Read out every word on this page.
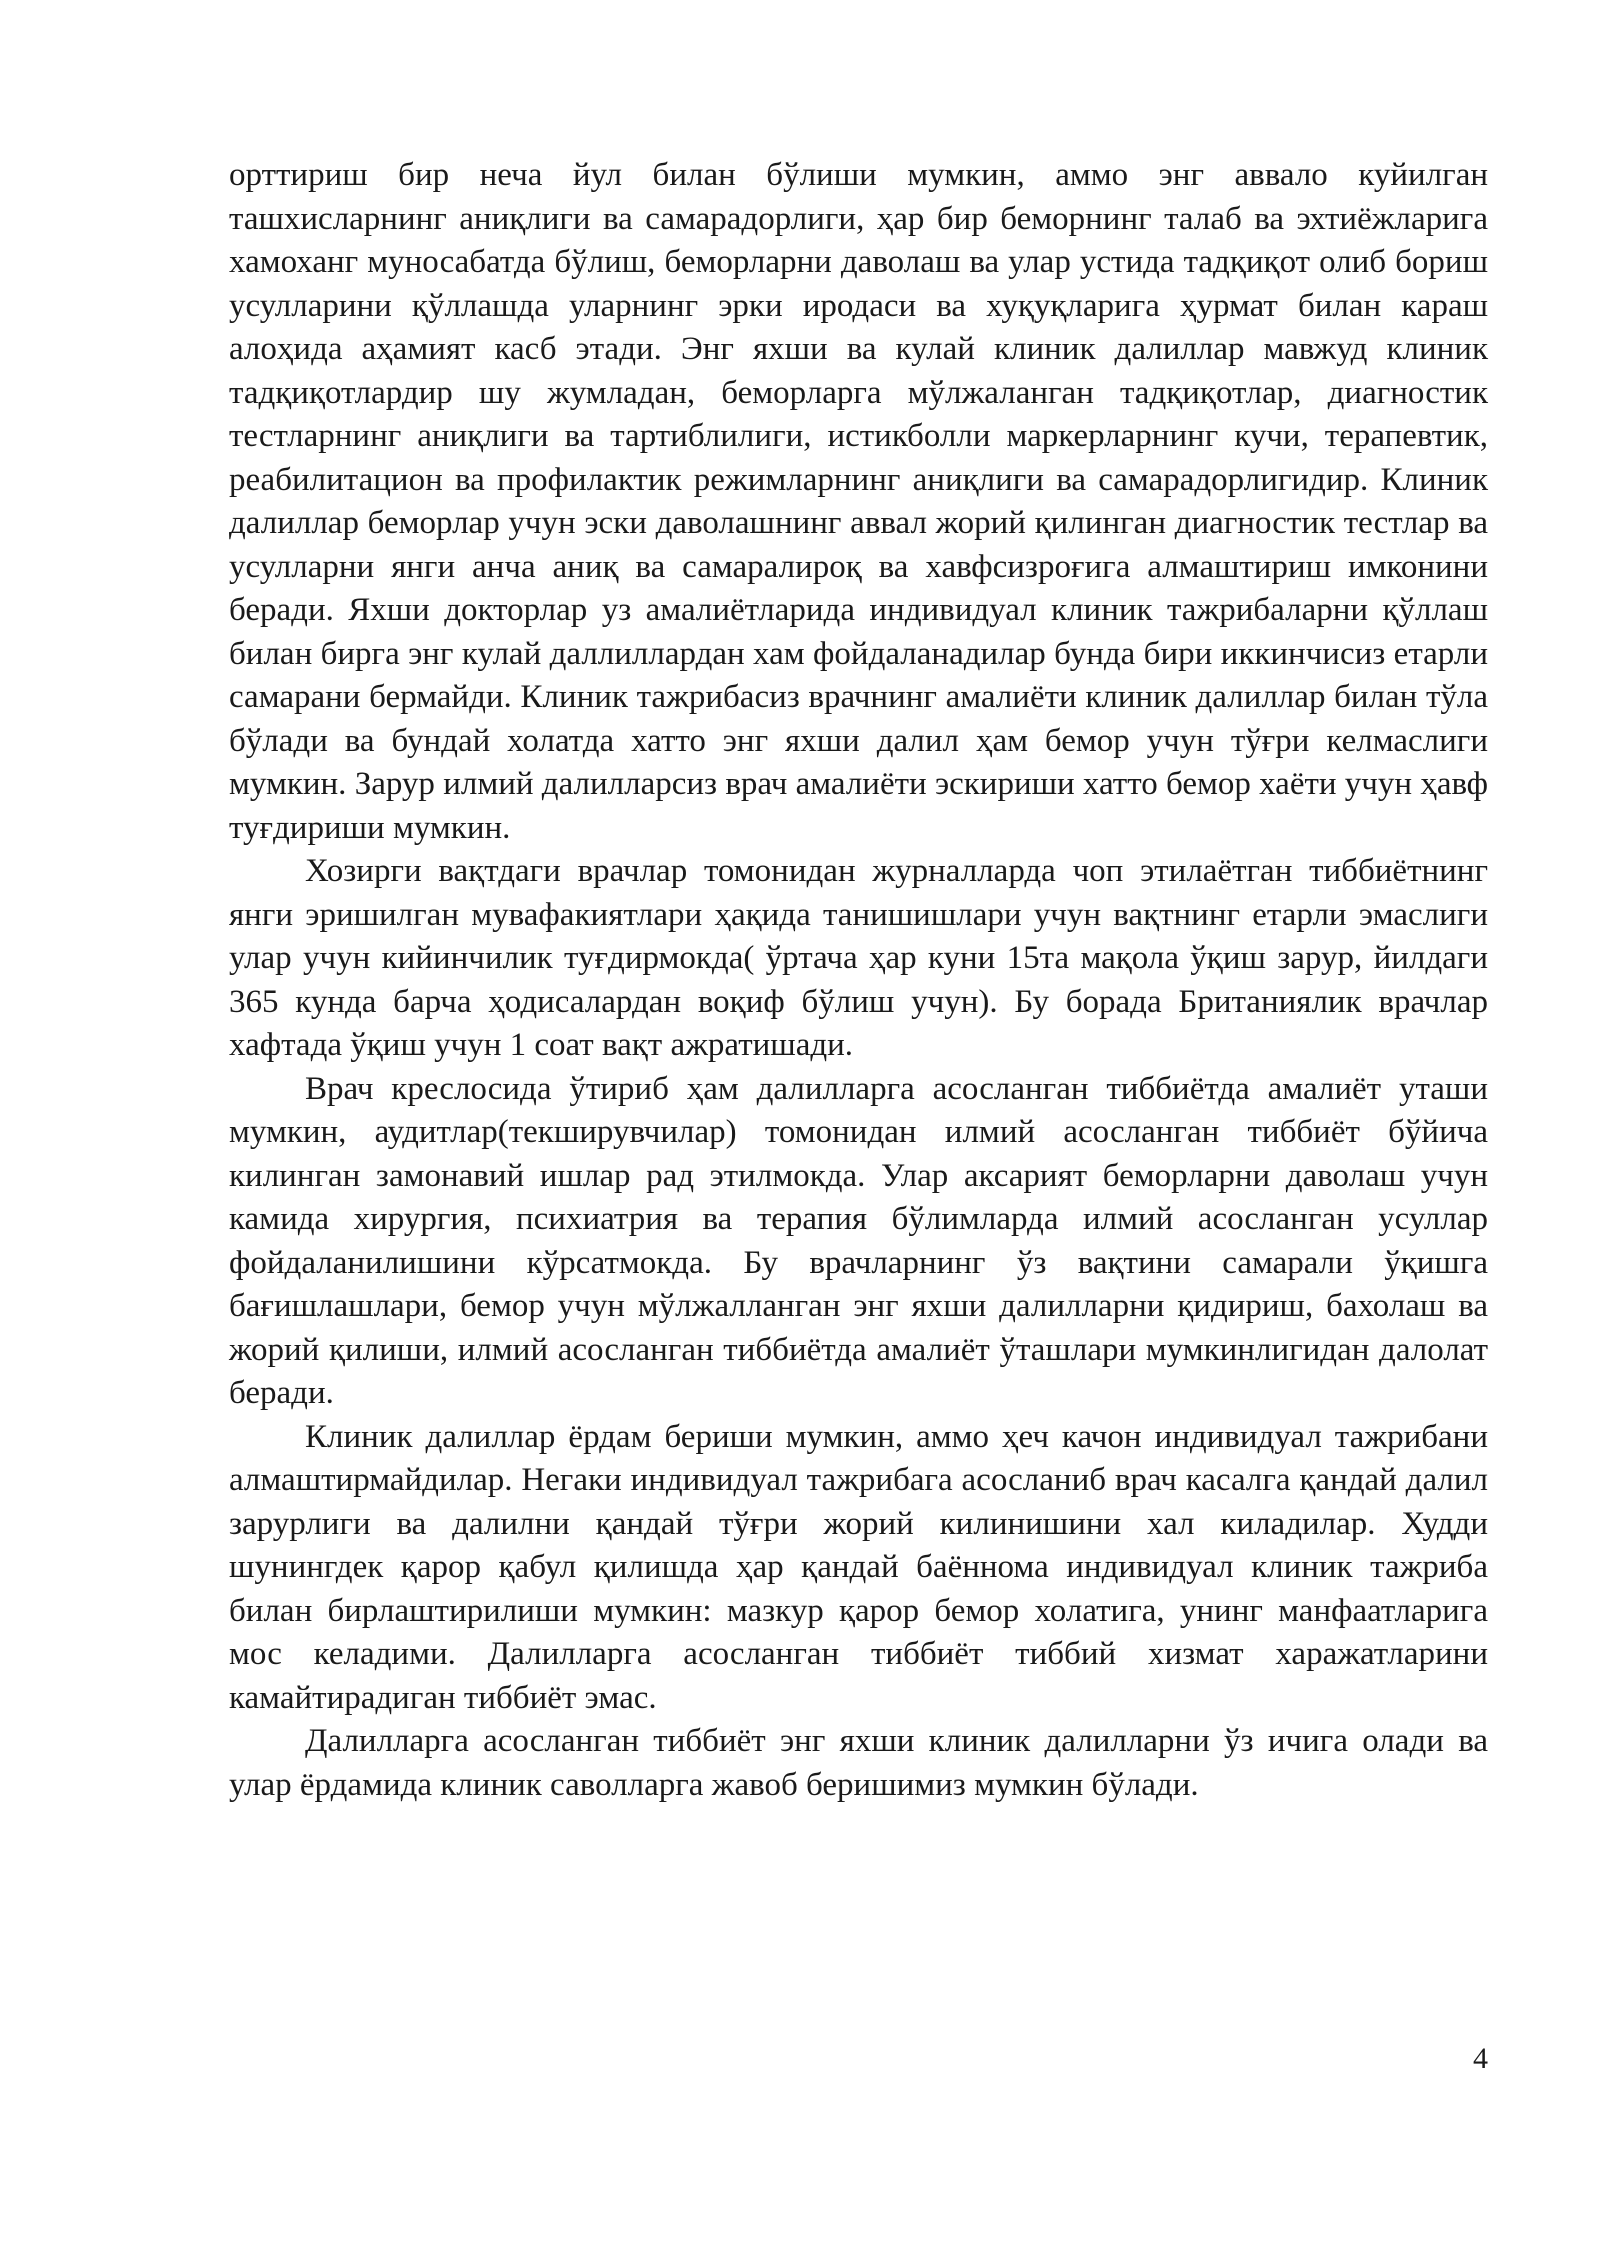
орттириш бир неча йул билан бўлиши мумкин, аммо энг аввало куйилган ташхисларнинг аниқлиги ва самарадорлиги, ҳар бир беморнинг талаб ва эхтиёжларига хамоханг муносабатда бўлиш, беморларни даволаш ва улар устида тадқиқот олиб бориш усулларини қўллашда уларнинг эрки иродаси ва хуқуқларига ҳурмат билан караш алоҳида аҳамият касб этади. Энг яхши ва кулай клиник далиллар мавжуд клиник тадқиқотлардир шу жумладан, беморларга мўлжаланган тадқиқотлар, диагностик тестларнинг аниқлиги ва тартиблилиги, истикболли маркерларнинг кучи, терапевтик, реабилитацион ва профилактик режимларнинг аниқлиги ва самарадорлигидир. Клиник далиллар беморлар учун эски даволашнинг аввал жорий қилинган диагностик тестлар ва усулларни янги анча аниқ ва самаралироқ ва хавфсизроғига алмаштириш имконини беради. Яхши докторлар уз амалиётларида индивидуал клиник тажрибаларни қўллаш билан бирга энг кулай даллиллардан хам фойдаланадилар бунда бири иккинчисиз етарли самарани бермайди. Клиник тажрибасиз врачнинг амалиёти клиник далиллар билан тўла бўлади ва бундай холатда хатто энг яхши далил ҳам бемор учун тўғри келмаслиги мумкин. Зарур илмий далилларсиз врач амалиёти эскириши хатто бемор хаёти учун ҳавф туғдириши мумкин.

Хозирги вақтдаги врачлар томонидан журналларда чоп этилаётган тиббиётнинг янги эришилган мувафакиятлари ҳақида танишишлари учун вақтнинг етарли эмаслиги улар учун кийинчилик туғдирмокда( ўртача ҳар куни 15та мақола ўқиш зарур, йилдаги 365 кунда барча ҳодисалардан воқиф бўлиш учун). Бу борада Британиялик врачлар хафтада ўқиш учун 1 соат вақт ажратишади.

Врач креслосида ўтириб ҳам далилларга асосланган тиббиётда амалиёт уташи мумкин, аудитлар(текширувчилар) томонидан илмий асосланган тиббиёт бўйича килинган замонавий ишлар рад этилмокда. Улар аксарият беморларни даволаш учун камида хирургия, психиатрия ва терапия бўлимларда илмий асосланган усуллар фойдаланилишини кўрсатмокда. Бу врачларнинг ўз вақтини самарали ўқишга бағишлашлари, бемор учун мўлжалланган энг яхши далилларни қидириш, бахолаш ва жорий қилиши, илмий асосланган тиббиётда амалиёт ўташлари мумкинлигидан далолат беради.

Клиник далиллар ёрдам бериши мумкин, аммо ҳеч качон индивидуал тажрибани алмаштирмайдилар. Негаки индивидуал тажрибага асосланиб врач касалга қандай далил зарурлиги ва далилни қандай тўғри жорий килинишини хал киладилар. Худди шунингдек қарор қабул қилишда ҳар қандай баённома индивидуал клиник тажриба билан бирлаштирилиши мумкин: мазкур қарор бемор холатига, унинг манфаатларига мос келадими. Далилларга асосланган тиббиёт тиббий хизмат харажатларини камайтирадиган тиббиёт эмас.

Далилларга асосланган тиббиёт энг яхши клиник далилларни ўз ичига олади ва улар ёрдамида клиник саволларга жавоб беришимиз мумкин бўлади.

4
